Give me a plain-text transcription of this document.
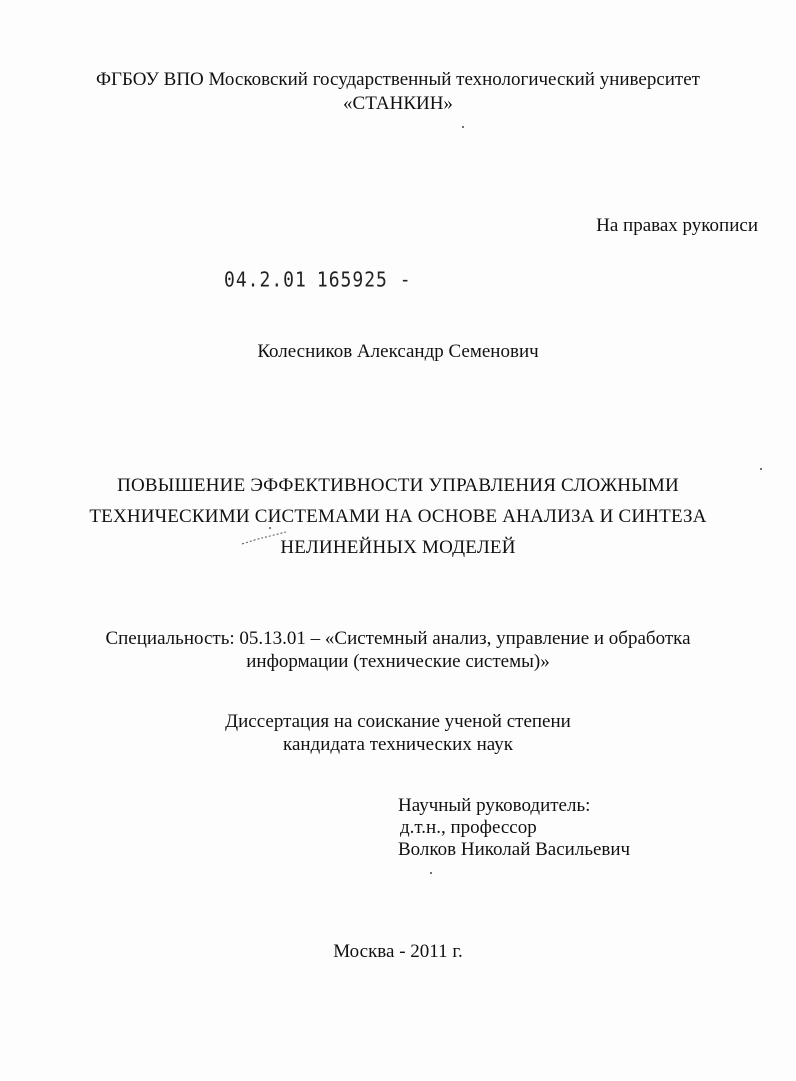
ФГБОУ ВПО Московский государственный технологический университет
«СТАНКИН»
На правах рукописи
04.2.01 165925 -
Колесников Александр Семенович
ПОВЫШЕНИЕ ЭФФЕКТИВНОСТИ УПРАВЛЕНИЯ СЛОЖНЫМИ
ТЕХНИЧЕСКИМИ СИСТЕМАМИ НА ОСНОВЕ АНАЛИЗА И СИНТЕЗА
НЕЛИНЕЙНЫХ МОДЕЛЕЙ
Специальность: 05.13.01 – «Системный анализ, управление и обработка
информации (технические системы)»
Диссертация на соискание ученой степени
кандидата технических наук
Научный руководитель:
д.т.н., профессор
Волков Николай Васильевич
Москва - 2011 г.
